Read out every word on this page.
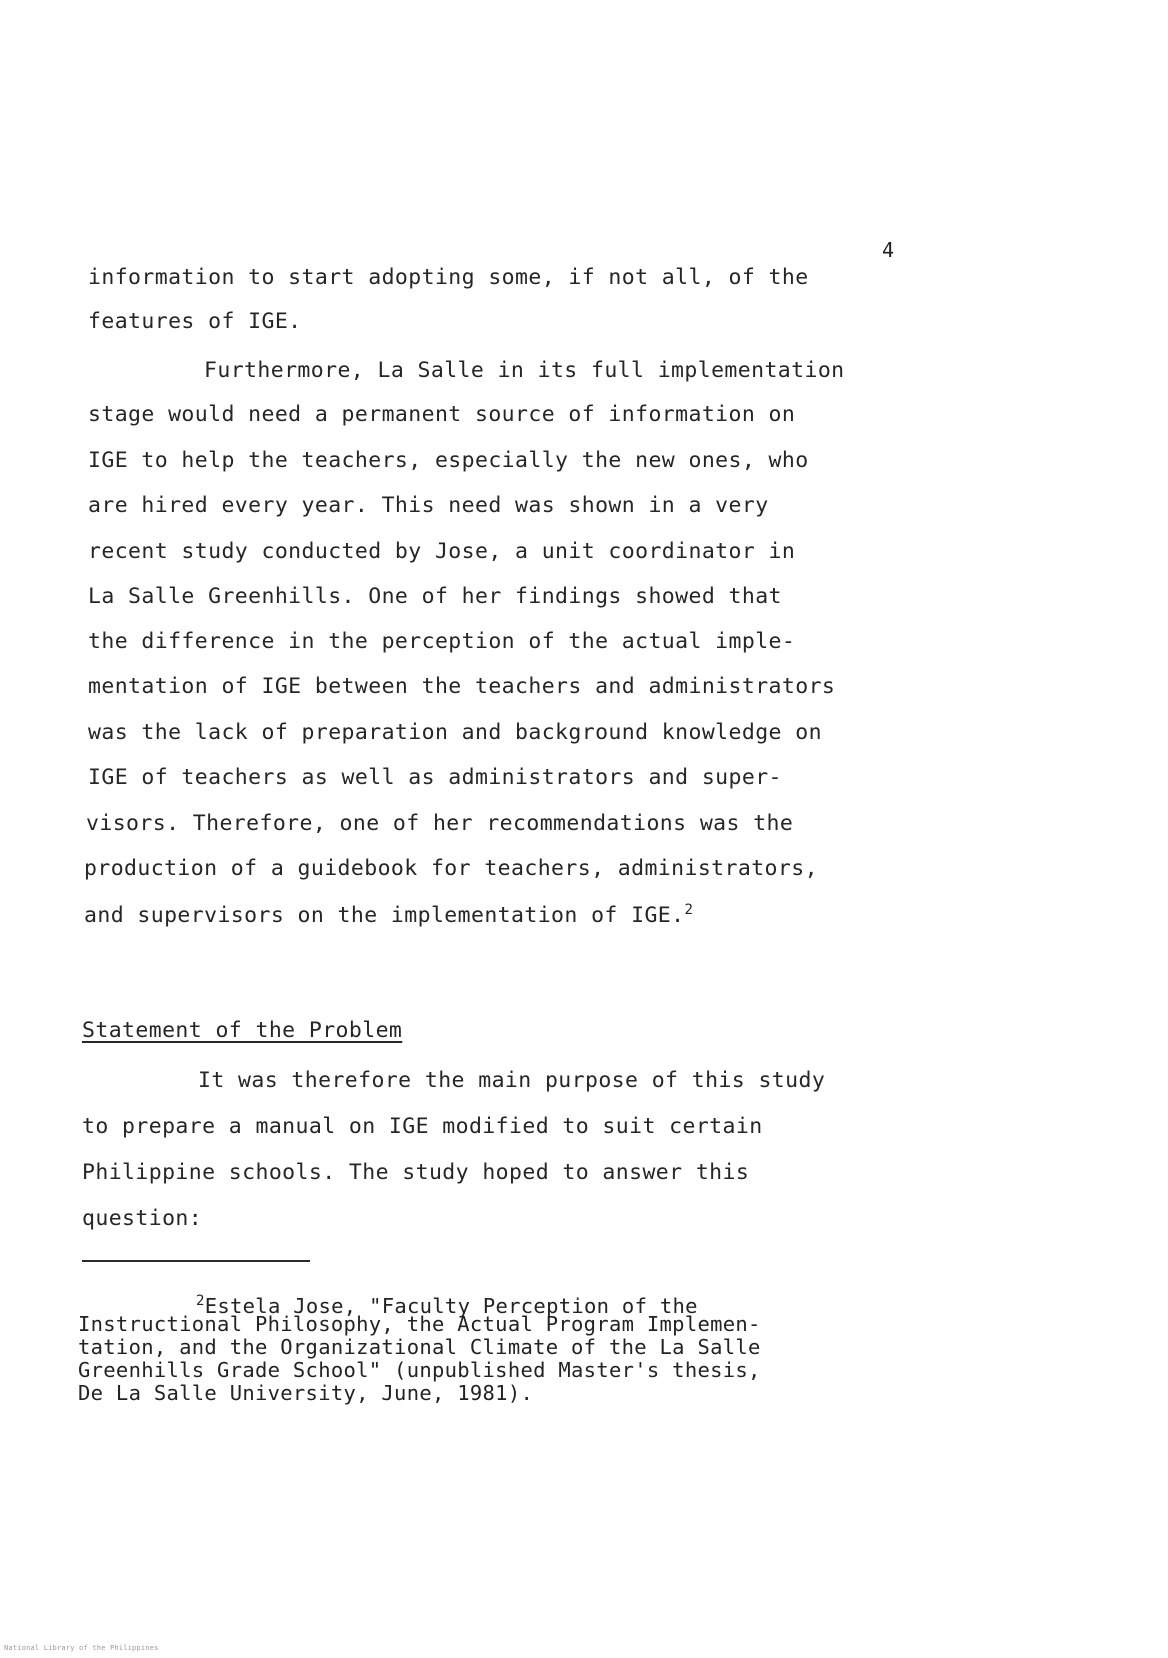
4
information to start adopting some, if not all, of the
features of IGE.
Furthermore, La Salle in its full implementation
stage would need a permanent source of information on
IGE to help the teachers, especially the new ones, who
are hired every year. This need was shown in a very
recent study conducted by Jose, a unit coordinator in
La Salle Greenhills. One of her findings showed that
the difference in the perception of the actual imple-
mentation of IGE between the teachers and administrators
was the lack of preparation and background knowledge on
IGE of teachers as well as administrators and super-
visors. Therefore, one of her recommendations was the
production of a guidebook for teachers, administrators,
and supervisors on the implementation of IGE.$^2$
Statement of the Problem
It was therefore the main purpose of this study
to prepare a manual on IGE modified to suit certain
Philippine schools. The study hoped to answer this
question:
$^2$Estela Jose, "Faculty Perception of the
Instructional Philosophy, the Actual Program Implemen-
tation, and the Organizational Climate of the La Salle
Greenhills Grade School" (unpublished Master's thesis,
De La Salle University, June, 1981).
National Library of the Philippines
